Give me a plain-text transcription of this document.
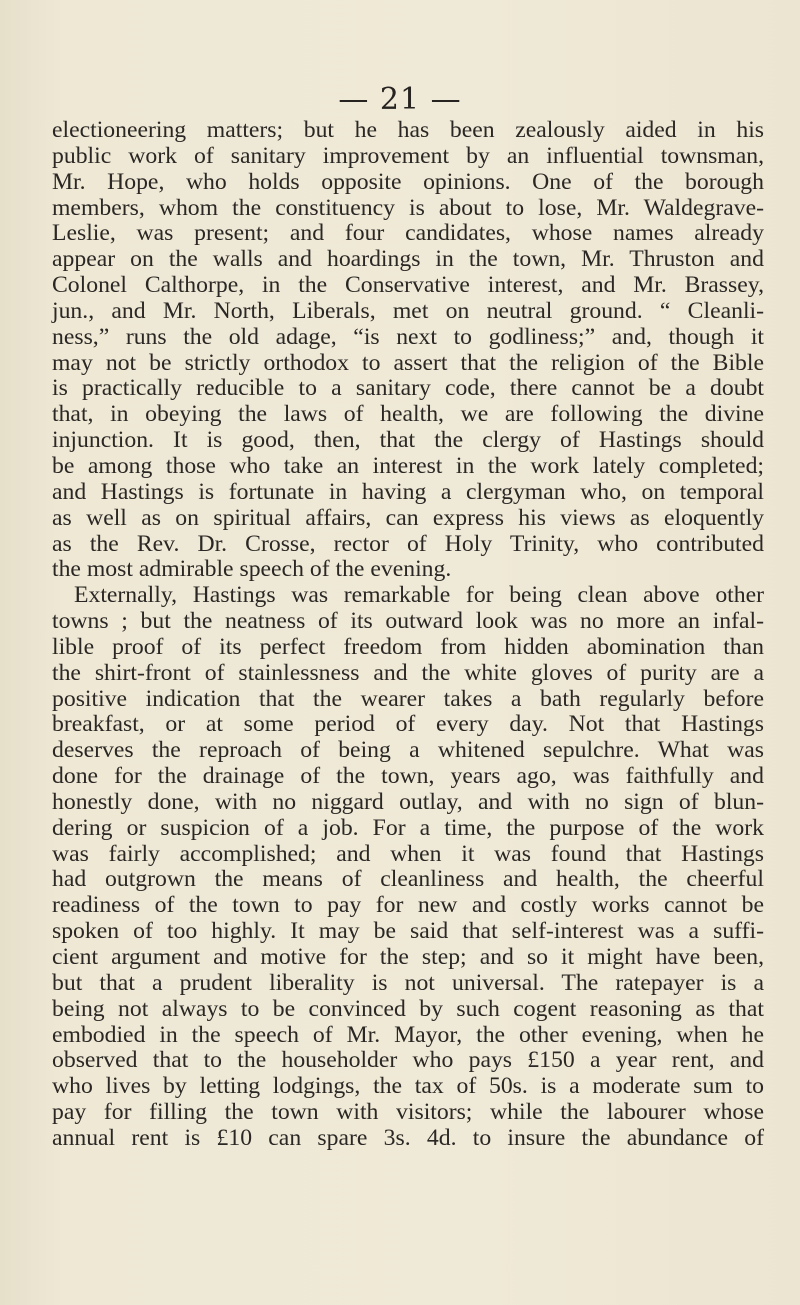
— 21 —
electioneering matters; but he has been zealously aided in his
public work of sanitary improvement by an influential townsman,
Mr. Hope, who holds opposite opinions. One of the borough
members, whom the constituency is about to lose, Mr. Waldegrave-
Leslie, was present; and four candidates, whose names already
appear on the walls and hoardings in the town, Mr. Thruston and
Colonel Calthorpe, in the Conservative interest, and Mr. Brassey,
jun., and Mr. North, Liberals, met on neutral ground. “ Cleanli-
ness,” runs the old adage, “is next to godliness;” and, though it
may not be strictly orthodox to assert that the religion of the Bible
is practically reducible to a sanitary code, there cannot be a doubt
that, in obeying the laws of health, we are following the divine
injunction. It is good, then, that the clergy of Hastings should
be among those who take an interest in the work lately completed;
and Hastings is fortunate in having a clergyman who, on temporal
as well as on spiritual affairs, can express his views as eloquently
as the Rev. Dr. Crosse, rector of Holy Trinity, who contributed
the most admirable speech of the evening.
Externally, Hastings was remarkable for being clean above other
towns ; but the neatness of its outward look was no more an infal-
lible proof of its perfect freedom from hidden abomination than
the shirt-front of stainlessness and the white gloves of purity are a
positive indication that the wearer takes a bath regularly before
breakfast, or at some period of every day. Not that Hastings
deserves the reproach of being a whitened sepulchre. What was
done for the drainage of the town, years ago, was faithfully and
honestly done, with no niggard outlay, and with no sign of blun-
dering or suspicion of a job. For a time, the purpose of the work
was fairly accomplished; and when it was found that Hastings
had outgrown the means of cleanliness and health, the cheerful
readiness of the town to pay for new and costly works cannot be
spoken of too highly. It may be said that self-interest was a suffi-
cient argument and motive for the step; and so it might have been,
but that a prudent liberality is not universal. The ratepayer is a
being not always to be convinced by such cogent reasoning as that
embodied in the speech of Mr. Mayor, the other evening, when he
observed that to the householder who pays £150 a year rent, and
who lives by letting lodgings, the tax of 50s. is a moderate sum to
pay for filling the town with visitors; while the labourer whose
annual rent is £10 can spare 3s. 4d. to insure the abundance of
